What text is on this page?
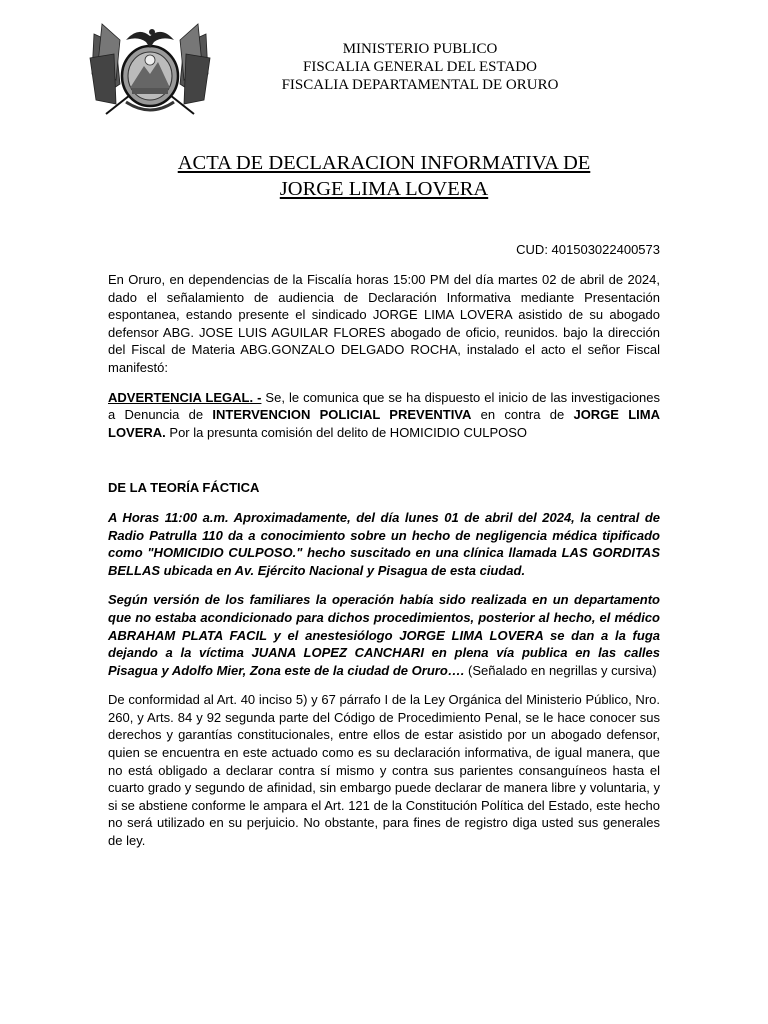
MINISTERIO PUBLICO
FISCALIA GENERAL DEL ESTADO
FISCALIA DEPARTAMENTAL DE ORURO
ACTA DE DECLARACION INFORMATIVA DE
JORGE LIMA LOVERA
CUD: 401503022400573

En Oruro, en dependencias de la Fiscalía horas 15:00 PM del día martes 02 de abril de 2024, dado el señalamiento de audiencia de Declaración Informativa mediante Presentación espontanea, estando presente el sindicado JORGE LIMA LOVERA asistido de su abogado defensor ABG. JOSE LUIS AGUILAR FLORES abogado de oficio, reunidos. bajo la dirección del Fiscal de Materia ABG.GONZALO DELGADO ROCHA, instalado el acto el señor Fiscal manifestó:

ADVERTENCIA LEGAL. - Se, le comunica que se ha dispuesto el inicio de las investigaciones a Denuncia de INTERVENCION POLICIAL PREVENTIVA en contra de JORGE LIMA LOVERA. Por la presunta comisión del delito de HOMICIDIO CULPOSO

DE LA TEORÍA FÁCTICA

A Horas 11:00 a.m. Aproximadamente, del día lunes 01 de abril del 2024, la central de Radio Patrulla 110 da a conocimiento sobre un hecho de negligencia médica tipificado como "HOMICIDIO CULPOSO." hecho suscitado en una clínica llamada LAS GORDITAS BELLAS ubicada en Av. Ejército Nacional y Pisagua de esta ciudad.

Según versión de los familiares la operación había sido realizada en un departamento que no estaba acondicionado para dichos procedimientos, posterior al hecho, el médico ABRAHAM PLATA FACIL y el anestesiólogo JORGE LIMA LOVERA se dan a la fuga dejando a la víctima JUANA LOPEZ CANCHARI en plena vía publica en las calles Pisagua y Adolfo Mier, Zona este de la ciudad de Oruro…. (Señalado en negrillas y cursiva)

De conformidad al Art. 40 inciso 5) y 67 párrafo I de la Ley Orgánica del Ministerio Público, Nro. 260, y Arts. 84 y 92 segunda parte del Código de Procedimiento Penal, se le hace conocer sus derechos y garantías constitucionales, entre ellos de estar asistido por un abogado defensor, quien se encuentra en este actuado como es su declaración informativa, de igual manera, que no está obligado a declarar contra sí mismo y contra sus parientes consanguíneos hasta el cuarto grado y segundo de afinidad, sin embargo puede declarar de manera libre y voluntaria, y si se abstiene conforme le ampara el Art. 121 de la Constitución Política del Estado, este hecho no será utilizado en su perjuicio. No obstante, para fines de registro diga usted sus generales de ley.
